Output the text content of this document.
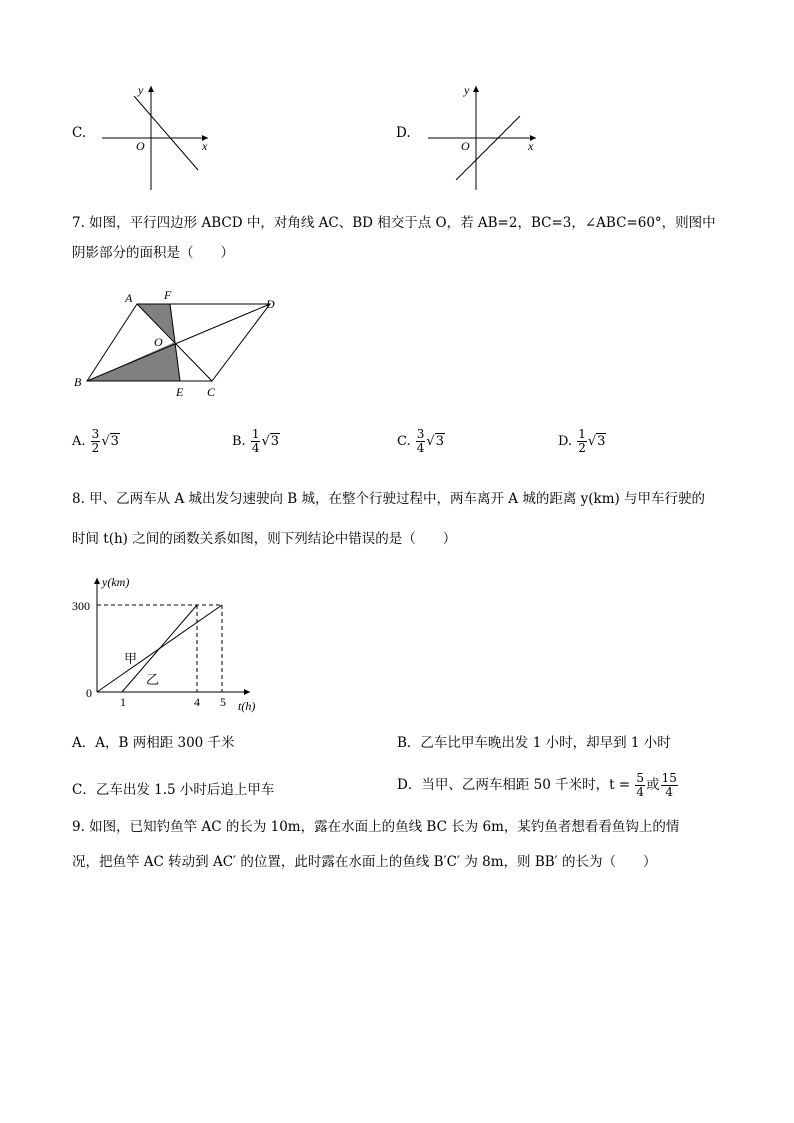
C.
y
x
O
D.
y
x
O
7. 如图，平行四边形 ABCD 中，对角线 AC、BD 相交于点 O，若 AB=2，BC=3，∠ABC=60°，则图中
阴影部分的面积是（　　）
A	F
D
O
B
E C
A. $\frac{3}{2} √3$	B. $\frac{1}{4} √3$	C. $\frac{3}{4} √3$	D. $\frac{1}{2} √3$
8. 甲、乙两车从 A 城出发匀速驶向 B 城，在整个行驶过程中，两车离开 A 城的距离 y(km) 与甲车行驶的
时间 t(h) 之间的函数关系如图，则下列结论中错误的是（　　）
y(km)
t(h)
300
0
1	4 5
甲
乙
A．A，B 两相距 300 千米	B．乙车比甲车晚出发 1 小时，却早到 1 小时
C．乙车出发 1.5 小时后追上甲车	D．当甲、乙两车相距 50 千米时，$t = \frac{5}{4}$ 或 $\frac{15}{4}$
9. 如图，已知钓鱼竿 AC 的长为 10m，露在水面上的鱼线 BC 长为 6m，某钓鱼者想看看鱼钩上的情
况，把鱼竿 AC 转动到 AC′ 的位置，此时露在水面上的鱼线 B′C′ 为 8m，则 BB′ 的长为（　　）
